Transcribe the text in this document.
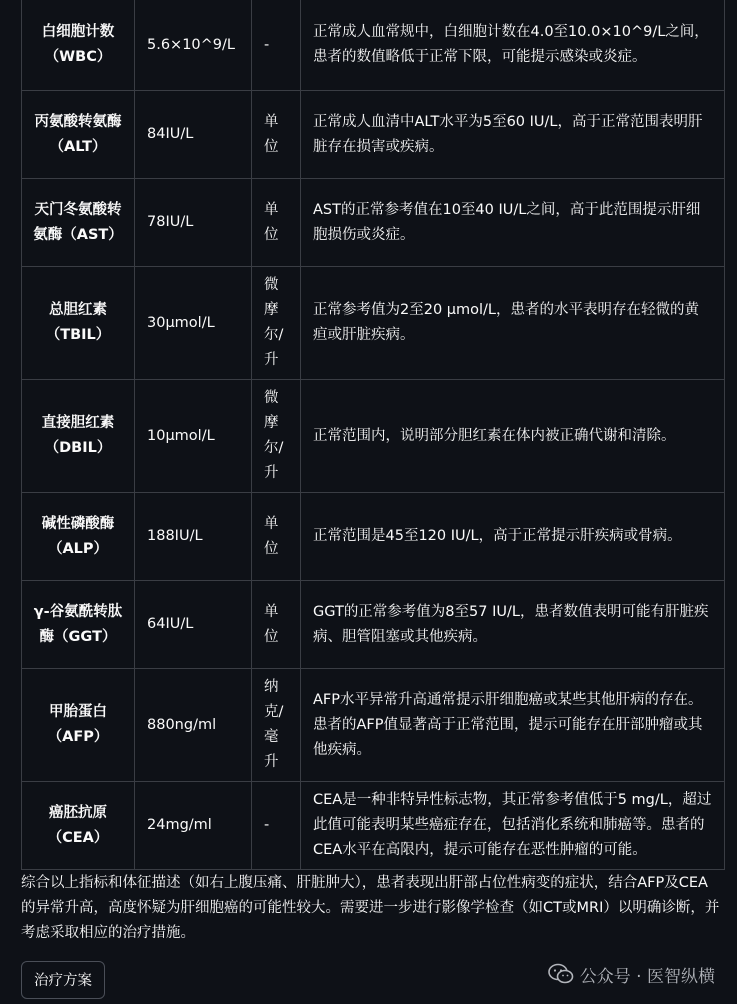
白细胞计数（WBC）	5.6×10^9/L	-	正常成人血常规中，白细胞计数在4.0至10.0×10^9/L之间，患者的数值略低于正常下限，可能提示感染或炎症。
丙氨酸转氨酶（ALT）	84IU/L	单位	正常成人血清中ALT水平为5至60 IU/L，高于正常范围表明肝脏存在损害或疾病。
天门冬氨酸转氨酶（AST）	78IU/L	单位	AST的正常参考值在10至40 IU/L之间，高于此范围提示肝细胞损伤或炎症。
总胆红素（TBIL）	30μmol/L	微摩尔/升	正常参考值为2至20 μmol/L，患者的水平表明存在轻微的黄疸或肝脏疾病。
直接胆红素（DBIL）	10μmol/L	微摩尔/升	正常范围内，说明部分胆红素在体内被正确代谢和清除。
碱性磷酸酶（ALP）	188IU/L	单位	正常范围是45至120 IU/L，高于正常提示肝疾病或骨病。
γ-谷氨酰转肽酶（GGT）	64IU/L	单位	GGT的正常参考值为8至57 IU/L，患者数值表明可能有肝脏疾病、胆管阻塞或其他疾病。
甲胎蛋白（AFP）	880ng/ml	纳克/毫升	AFP水平异常升高通常提示肝细胞癌或某些其他肝病的存在。患者的AFP值显著高于正常范围，提示可能存在肝部肿瘤或其他疾病。
癌胚抗原（CEA）	24mg/ml	-	CEA是一种非特异性标志物，其正常参考值低于5 mg/L，超过此值可能表明某些癌症存在，包括消化系统和肺癌等。患者的CEA水平在高限内，提示可能存在恶性肿瘤的可能。

综合以上指标和体征描述（如右上腹压痛、肝脏肿大），患者表现出肝部占位性病变的症状，结合AFP及CEA的异常升高，高度怀疑为肝细胞癌的可能性较大。需要进一步进行影像学检查（如CT或MRI）以明确诊断，并考虑采取相应的治疗措施。

治疗方案	公众号 · 医智纵横
